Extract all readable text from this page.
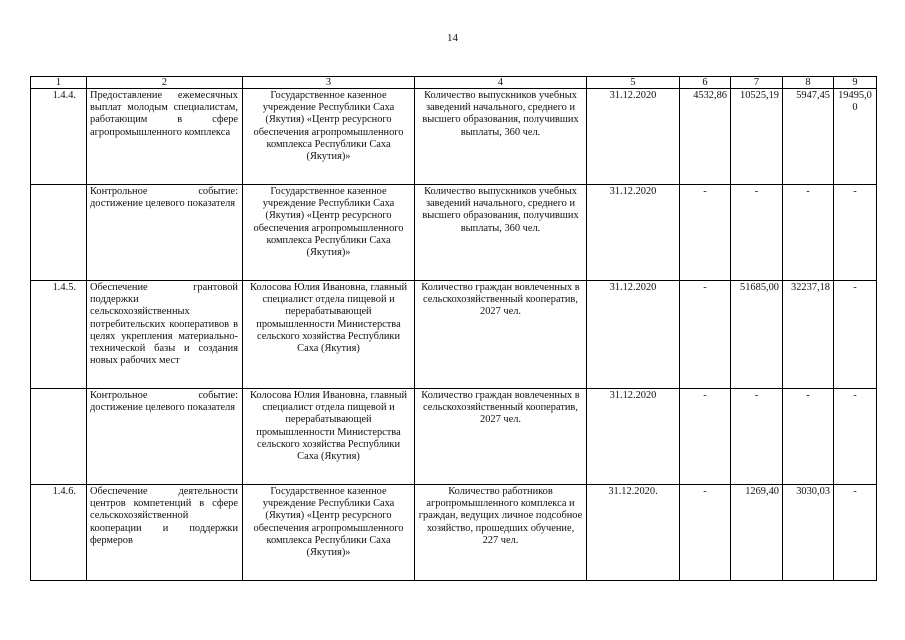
14
1	2	3	4	5	6	7	8	9
1.4.4.	Предоставление ежемесячных выплат молодым специалистам, работающим в сфере агропромышленного комплекса	Государственное казенное учреждение Республики Саха (Якутия) «Центр ресурсного обеспечения агропромышленного комплекса Республики Саха (Якутия)»	Количество выпускников учебных заведений начального, среднего и высшего образования, получивших выплаты, 360 чел.	31.12.2020	4532,86	10525,19	5947,45	19495,00
	Контрольное событие: достижение целевого показателя	Государственное казенное учреждение Республики Саха (Якутия) «Центр ресурсного обеспечения агропромышленного комплекса Республики Саха (Якутия)»	Количество выпускников учебных заведений начального, среднего и высшего образования, получивших выплаты, 360 чел.	31.12.2020	-	-	-	-
1.4.5.	Обеспечение грантовой поддержки сельскохозяйственных потребительских кооперативов в целях укрепления материально-технической базы и создания новых рабочих мест	Колосова Юлия Ивановна, главный специалист отдела пищевой и перерабатывающей промышленности Министерства сельского хозяйства Республики Саха (Якутия)	Количество граждан вовлеченных в сельскохозяйственный кооператив, 2027 чел.	31.12.2020	-	51685,00	32237,18	-
	Контрольное событие: достижение целевого показателя	Колосова Юлия Ивановна, главный специалист отдела пищевой и перерабатывающей промышленности Министерства сельского хозяйства Республики Саха (Якутия)	Количество граждан вовлеченных в сельскохозяйственный кооператив, 2027 чел.	31.12.2020	-	-	-	-
1.4.6.	Обеспечение деятельности центров компетенций в сфере сельскохозяйственной кооперации и поддержки фермеров	Государственное казенное учреждение Республики Саха (Якутия) «Центр ресурсного обеспечения агропромышленного комплекса Республики Саха (Якутия)»	Количество работников агропромышленного комплекса и граждан, ведущих личное подсобное хозяйство, прошедших обучение, 227 чел.	31.12.2020.	-	1269,40	3030,03	-
